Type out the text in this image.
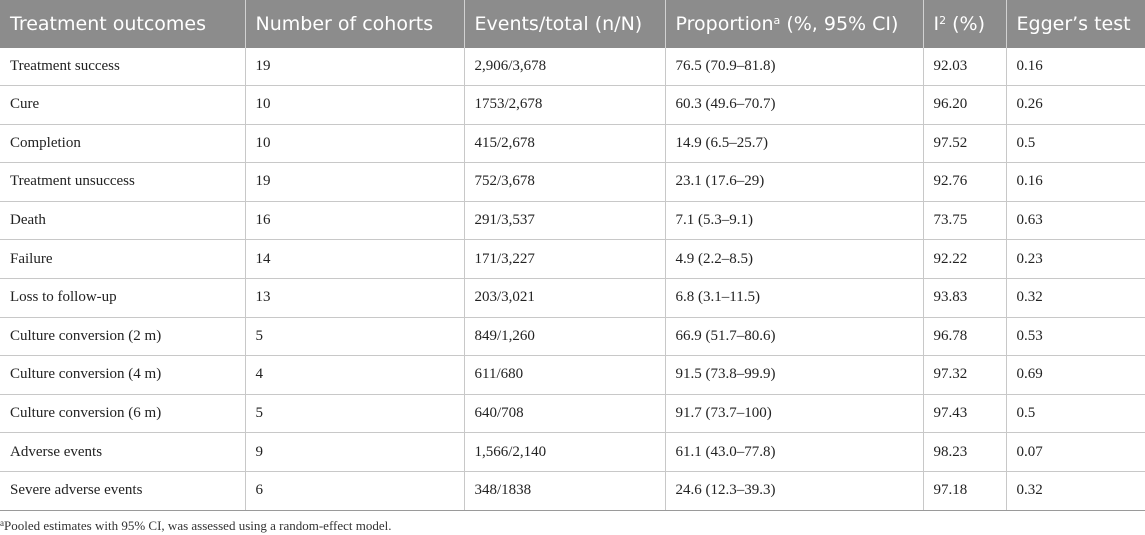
Treatment outcomes	Number of cohorts	Events/total (n/N)	Proportion$^a$ (%, 95% CI)	$I^2$ (%)	Egger’s test
Treatment success	19	2,906/3,678	76.5 (70.9–81.8)	92.03	0.16
Cure	10	1753/2,678	60.3 (49.6–70.7)	96.20	0.26
Completion	10	415/2,678	14.9 (6.5–25.7)	97.52	0.5
Treatment unsuccess	19	752/3,678	23.1 (17.6–29)	92.76	0.16
Death	16	291/3,537	7.1 (5.3–9.1)	73.75	0.63
Failure	14	171/3,227	4.9 (2.2–8.5)	92.22	0.23
Loss to follow-up	13	203/3,021	6.8 (3.1–11.5)	93.83	0.32
Culture conversion (2 m)	5	849/1,260	66.9 (51.7–80.6)	96.78	0.53
Culture conversion (4 m)	4	611/680	91.5 (73.8–99.9)	97.32	0.69
Culture conversion (6 m)	5	640/708	91.7 (73.7–100)	97.43	0.5
Adverse events	9	1,566/2,140	61.1 (43.0–77.8)	98.23	0.07
Severe adverse events	6	348/1838	24.6 (12.3–39.3)	97.18	0.32
$^a$Pooled estimates with 95% CI, was assessed using a random-effect model.
